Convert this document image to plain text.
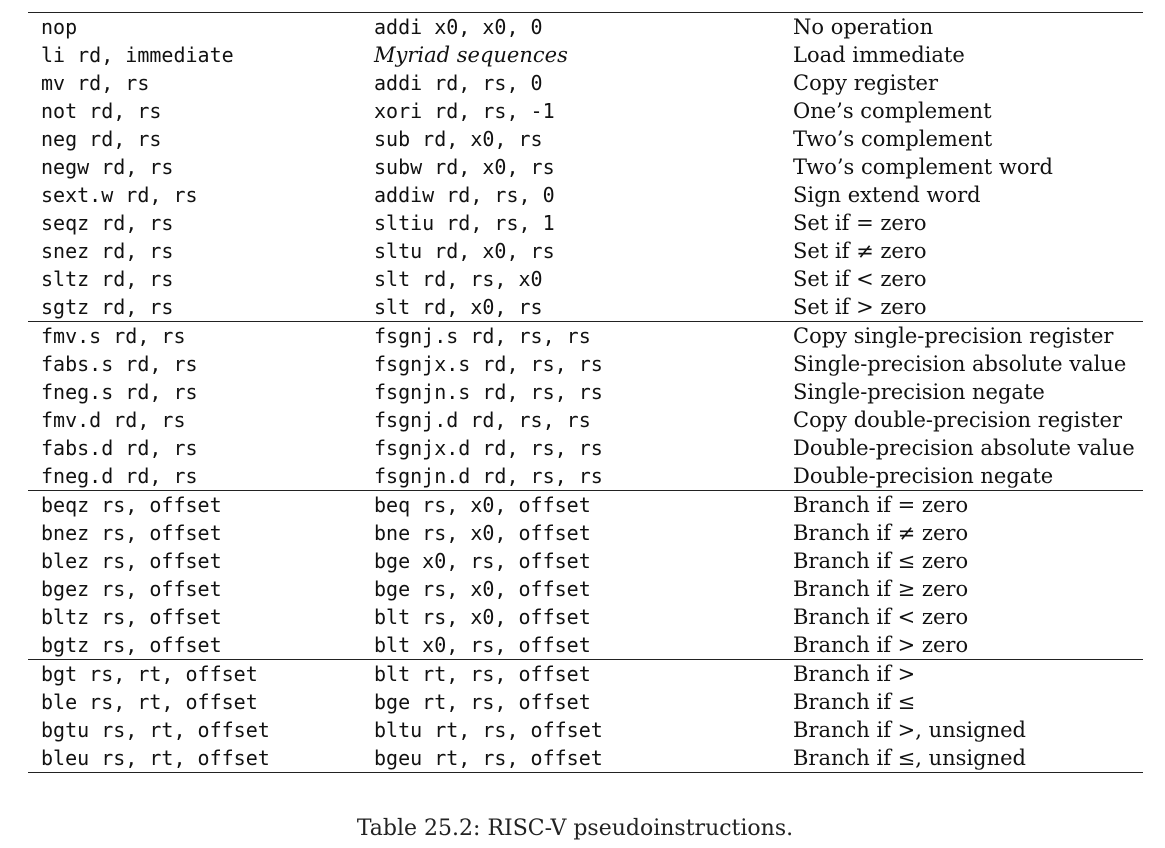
nop	addi x0, x0, 0	No operation
li rd, immediate	Myriad sequences	Load immediate
mv rd, rs	addi rd, rs, 0	Copy register
not rd, rs	xori rd, rs, -1	One’s complement
neg rd, rs	sub rd, x0, rs	Two’s complement
negw rd, rs	subw rd, x0, rs	Two’s complement word
sext.w rd, rs	addiw rd, rs, 0	Sign extend word
seqz rd, rs	sltiu rd, rs, 1	Set if = zero
snez rd, rs	sltu rd, x0, rs	Set if ≠ zero
sltz rd, rs	slt rd, rs, x0	Set if < zero
sgtz rd, rs	slt rd, x0, rs	Set if > zero
fmv.s rd, rs	fsgnj.s rd, rs, rs	Copy single-precision register
fabs.s rd, rs	fsgnjx.s rd, rs, rs	Single-precision absolute value
fneg.s rd, rs	fsgnjn.s rd, rs, rs	Single-precision negate
fmv.d rd, rs	fsgnj.d rd, rs, rs	Copy double-precision register
fabs.d rd, rs	fsgnjx.d rd, rs, rs	Double-precision absolute value
fneg.d rd, rs	fsgnjn.d rd, rs, rs	Double-precision negate
beqz rs, offset	beq rs, x0, offset	Branch if = zero
bnez rs, offset	bne rs, x0, offset	Branch if ≠ zero
blez rs, offset	bge x0, rs, offset	Branch if ≤ zero
bgez rs, offset	bge rs, x0, offset	Branch if ≥ zero
bltz rs, offset	blt rs, x0, offset	Branch if < zero
bgtz rs, offset	blt x0, rs, offset	Branch if > zero
bgt rs, rt, offset	blt rt, rs, offset	Branch if >
ble rs, rt, offset	bge rt, rs, offset	Branch if ≤
bgtu rs, rt, offset	bltu rt, rs, offset	Branch if >, unsigned
bleu rs, rt, offset	bgeu rt, rs, offset	Branch if ≤, unsigned
Table 25.2: RISC-V pseudoinstructions.
